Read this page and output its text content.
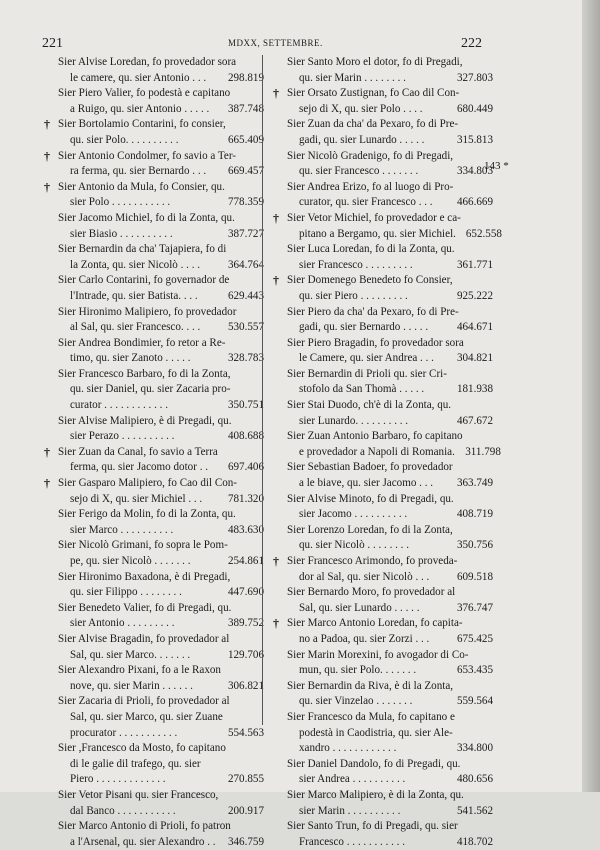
221	MDXX, SETTEMBRE.	222
Sier Alvise Loredan, fo provedador sora
le camere, qu. sier Antonio . . .	298.819
Sier Piero Valier, fo podestà e capitano
a Ruigo, qu. sier Antonio . . . . .	387.748
† Sier Bortolamio Contarini, fo consier,
qu. sier Polo. . . . . . . . . .	665.409
† Sier Antonio Condolmer, fo savio a Ter-
ra ferma, qu. sier Bernardo . . .	669.457
† Sier Antonio da Mula, fo Consier, qu.
sier Polo . . . . . . . . . . .	778.359
Sier Jacomo Michiel, fo di la Zonta, qu.
sier Biasio . . . . . . . . . .	387.727
Sier Bernardin da cha' Tajapiera, fo di
la Zonta, qu. sier Nicolò . . . .	364.764
Sier Carlo Contarini, fo governador de
l'Intrade, qu. sier Batista. . . .	629.443
Sier Hironimo Malipiero, fo provedador
al Sal, qu. sier Francesco. . . .	530.557
Sier Andrea Bondimier, fo retor a Re-
timo, qu. sier Zanoto . . . . .	328.783
Sier Francesco Barbaro, fo di la Zonta,
qu. sier Daniel, qu. sier Zacaria pro-
curator . . . . . . . . . . . .	350.751
Sier Alvise Malipiero, è di Pregadi, qu.
sier Perazo . . . . . . . . . .	408.688
† Sier Zuan da Canal, fo savio a Terra
ferma, qu. sier Jacomo dotor . .	697.406
† Sier Gasparo Malipiero, fo Cao dil Con-
sejo di X, qu. sier Michiel . . .	781.320
Sier Ferigo da Molin, fo di la Zonta, qu.
sier Marco . . . . . . . . . .	483.630
Sier Nicolò Grimani, fo sopra le Pom-
pe, qu. sier Nicolò . . . . . . .	254.861
Sier Hironimo Baxadona, è di Pregadi,
qu. sier Filippo . . . . . . . .	447.690
Sier Benedeto Valier, fo di Pregadi, qu.
sier Antonio . . . . . . . . .	389.752
Sier Alvise Bragadin, fo provedador al
Sal, qu. sier Marco. . . . . . .	129.706
Sier Alexandro Pixani, fo a le Raxon
nove, qu. sier Marin . . . . . .	306.821
Sier Zacaria di Prioli, fo provedador al
Sal, qu. sier Marco, qu. sier Zuane
procurator . . . . . . . . . . .	554.563
Sier ,Francesco da Mosto, fo capitano
di le galie dil trafego, qu. sier
Piero . . . . . . . . . . . . .	270.855
Sier Vetor Pisani qu. sier Francesco,
dal Banco . . . . . . . . . . .	200.917
Sier Marco Antonio di Prioli, fo patron
a l'Arsenal, qu. sier Alexandro . .	346.759
Sier Santo Moro el dotor, fo di Pregadi,
qu. sier Marin . . . . . . . .	327.803
† Sier Orsato Zustignan, fo Cao dil Con-
sejo di X, qu. sier Polo . . . .	680.449
Sier Zuan da cha' da Pexaro, fo di Pre-
gadi, qu. sier Lunardo . . . . .	315.813
Sier Nicolò Gradenigo, fo di Pregadi,
qu. sier Francesco . . . . . . .	334.803
Sier Andrea Erizo, fo al luogo di Pro-
curator, qu. sier Francesco . . .	466.669
† Sier Vetor Michiel, fo provedador e ca-
pitano a Bergamo, qu. sier Michiel. 652.558
Sier Luca Loredan, fo di la Zonta, qu.
sier Francesco . . . . . . . . .	361.771
† Sier Domenego Benedeto fo Consier,
qu. sier Piero . . . . . . . . .	925.222
Sier Piero da cha' da Pexaro, fo di Pre-
gadi, qu. sier Bernardo . . . . .	464.671
Sier Piero Bragadin, fo provedador sora
le Camere, qu. sier Andrea . . .	304.821
Sier Bernardin di Prioli qu. sier Cri-
stofolo da San Thomà . . . . .	181.938
Sier Stai Duodo, ch'è di la Zonta, qu.
sier Lunardo. . . . . . . . . .	467.672
Sier Zuan Antonio Barbaro, fo capitano
e provedador a Napoli di Romania. 311.798
Sier Sebastian Badoer, fo provedador
a le biave, qu. sier Jacomo . . .	363.749
Sier Alvise Minoto, fo di Pregadi, qu.
sier Jacomo . . . . . . . . . .	408.719
Sier Lorenzo Loredan, fo di la Zonta,
qu. sier Nicolò . . . . . . . .	350.756
† Sier Francesco Arimondo, fo proveda-
dor al Sal, qu. sier Nicolò . . .	609.518
Sier Bernardo Moro, fo provedador al
Sal, qu. sier Lunardo . . . . .	376.747
† Sier Marco Antonio Loredan, fo capita-
no a Padoa, qu. sier Zorzi . . .	675.425
Sier Marin Morexini, fo avogador di Co-
mun, qu. sier Polo. . . . . . .	653.435
Sier Bernardin da Riva, è di la Zonta,
qu. sier Vinzelao . . . . . . .	559.564
Sier Francesco da Mula, fo capitano e
podestà in Caodistria, qu. sier Ale-
xandro . . . . . . . . . . . .	334.800
Sier Daniel Dandolo, fo di Pregadi, qu.
sier Andrea . . . . . . . . . .	480.656
Sier Marco Malipiero, è di la Zonta, qu.
sier Marin . . . . . . . . . .	541.562
Sier Santo Trun, fo di Pregadi, qu. sier
Francesco . . . . . . . . . . .	418.702
143 *
